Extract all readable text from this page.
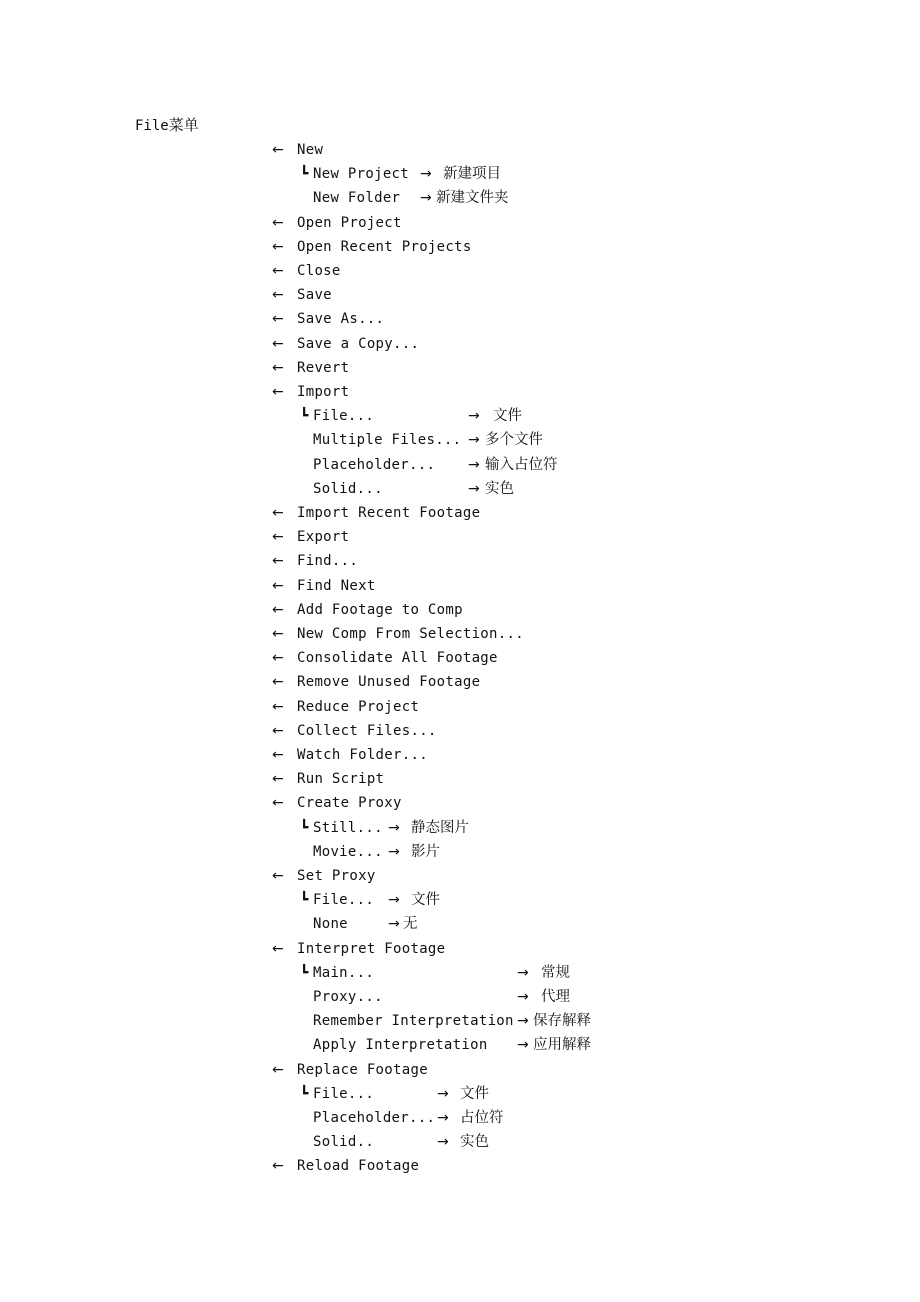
File菜单
← New
┗ New Project → 新建项目
New Folder → 新建文件夹
← Open Project
← Open Recent Projects
← Close
← Save
← Save As...
← Save a Copy...
← Revert
← Import
┗ File...	→ 文件
Multiple Files... → 多个文件
Placeholder... → 输入占位符
Solid...	→ 实色
← Import Recent Footage
← Export
← Find...
← Find Next
← Add Footage to Comp
← New Comp From Selection...
← Consolidate All Footage
← Remove Unused Footage
← Reduce Project
← Collect Files...
← Watch Folder...
← Run Script
← Create Proxy
┗ Still... → 静态图片
Movie... → 影片
← Set Proxy
┗ File... → 文件
None	→ 无
← Interpret Footage
┗ Main...	→ 常规
Proxy...	→ 代理
Remember Interpretation → 保存解释
Apply Interpretation → 应用解释
← Replace Footage
┗ File...	→ 文件
Placeholder... → 占位符
Solid..	→ 实色
← Reload Footage
